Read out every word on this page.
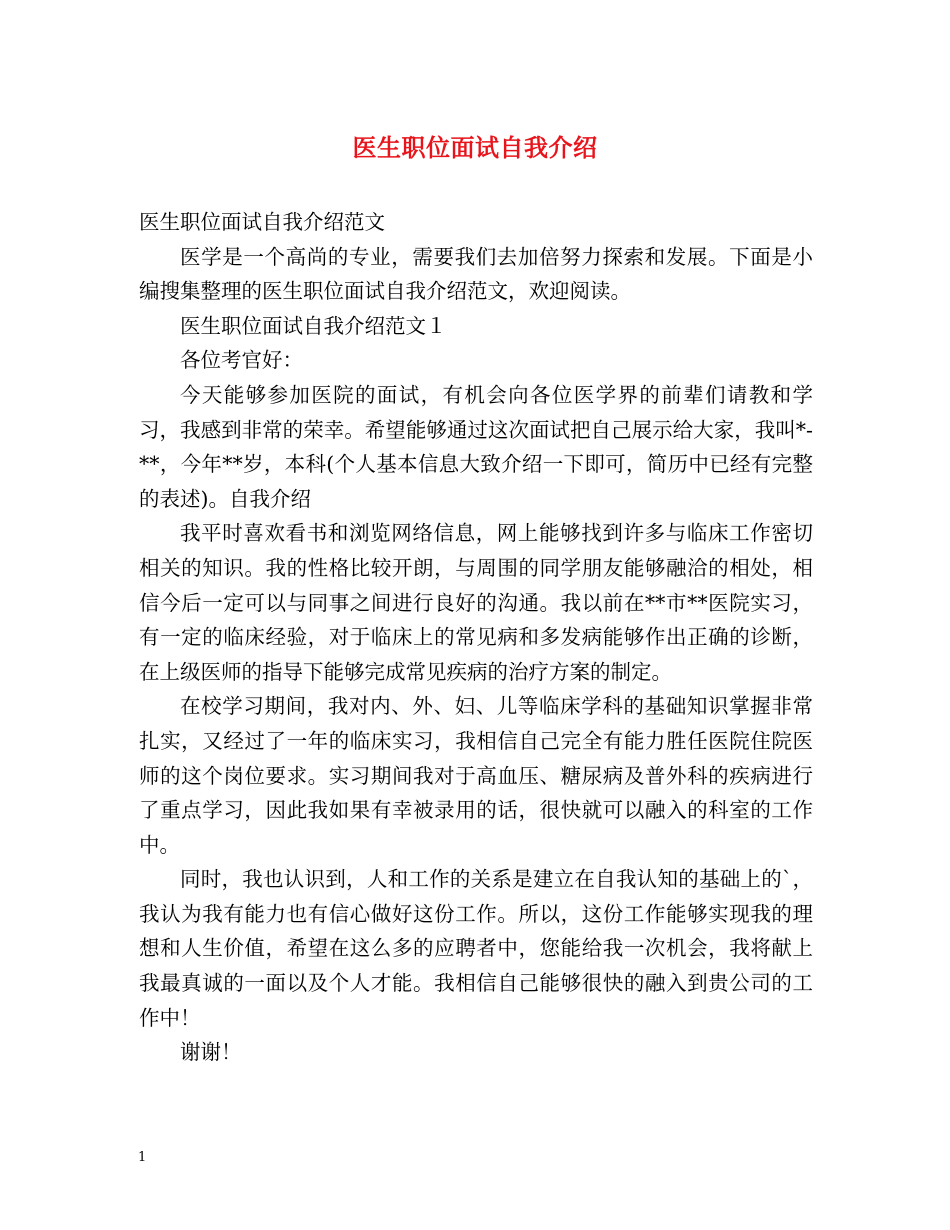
医生职位面试自我介绍

医生职位面试自我介绍范文

医学是一个高尚的专业，需要我们去加倍努力探索和发展。下面是小编搜集整理的医生职位面试自我介绍范文，欢迎阅读。

医生职位面试自我介绍范文１

各位考官好：

今天能够参加医院的面试，有机会向各位医学界的前辈们请教和学习，我感到非常的荣幸。希望能够通过这次面试把自己展示给大家，我叫*-**，今年**岁，本科(个人基本信息大致介绍一下即可，简历中已经有完整的表述)。自我介绍

我平时喜欢看书和浏览网络信息，网上能够找到许多与临床工作密切相关的知识。我的性格比较开朗，与周围的同学朋友能够融洽的相处，相信今后一定可以与同事之间进行良好的沟通。我以前在**市**医院实习，有一定的临床经验，对于临床上的常见病和多发病能够作出正确的诊断，在上级医师的指导下能够完成常见疾病的治疗方案的制定。

在校学习期间，我对内、外、妇、儿等临床学科的基础知识掌握非常扎实，又经过了一年的临床实习，我相信自己完全有能力胜任医院住院医师的这个岗位要求。实习期间我对于高血压、糖尿病及普外科的疾病进行了重点学习，因此我如果有幸被录用的话，很快就可以融入的科室的工作中。

同时，我也认识到，人和工作的关系是建立在自我认知的基础上的`，我认为我有能力也有信心做好这份工作。所以，这份工作能够实现我的理想和人生价值，希望在这么多的应聘者中，您能给我一次机会，我将献上我最真诚的一面以及个人才能。我相信自己能够很快的融入到贵公司的工作中！

谢谢！

1
